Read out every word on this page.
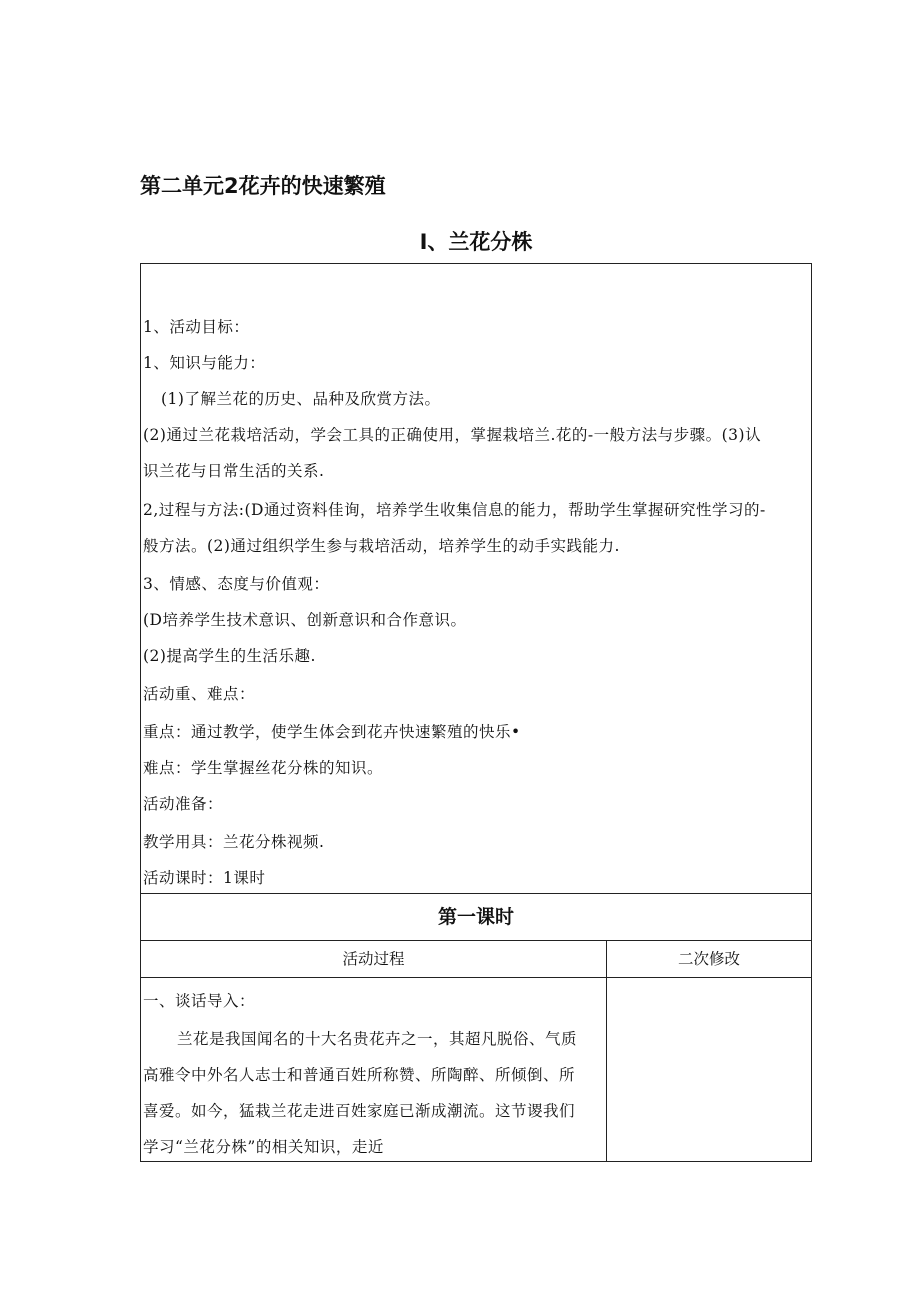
第二单元2花卉的快速繁殖
I、兰花分株
1、活动目标：
1、知识与能力：
(1)了解兰花的历史、品种及欣赏方法。
(2)通过兰花栽培活动，学会工具的正确使用，掌握栽培兰.花的-一般方法与步骤。(3)认
识兰花与日常生活的关系.
2,过程与方法:(D通过资料佳询，培养学生收集信息的能力，帮助学生掌握研究性学习的-
般方法。(2)通过组织学生参与栽培活动，培养学生的动手实践能力.
3、情感、态度与价值观：
(D培养学生技术意识、创新意识和合作意识。
(2)提高学生的生活乐趣.
活动重、难点：
重点：通过教学，使学生体会到花卉快速繁殖的快乐•
难点：学生掌握丝花分株的知识。
活动准备：
教学用具：兰花分株视频.
活动课时：1课时
第一课时
活动过程	二次修改
一、谈话导入：
兰花是我国闻名的十大名贵花卉之一，其超凡脱俗、气质
高雅令中外名人志士和普通百姓所称赞、所陶醉、所倾倒、所
喜爱。如今，猛栽兰花走进百姓家庭已渐成潮流。这节谡我们
学习“兰花分株”的相关知识，走近
